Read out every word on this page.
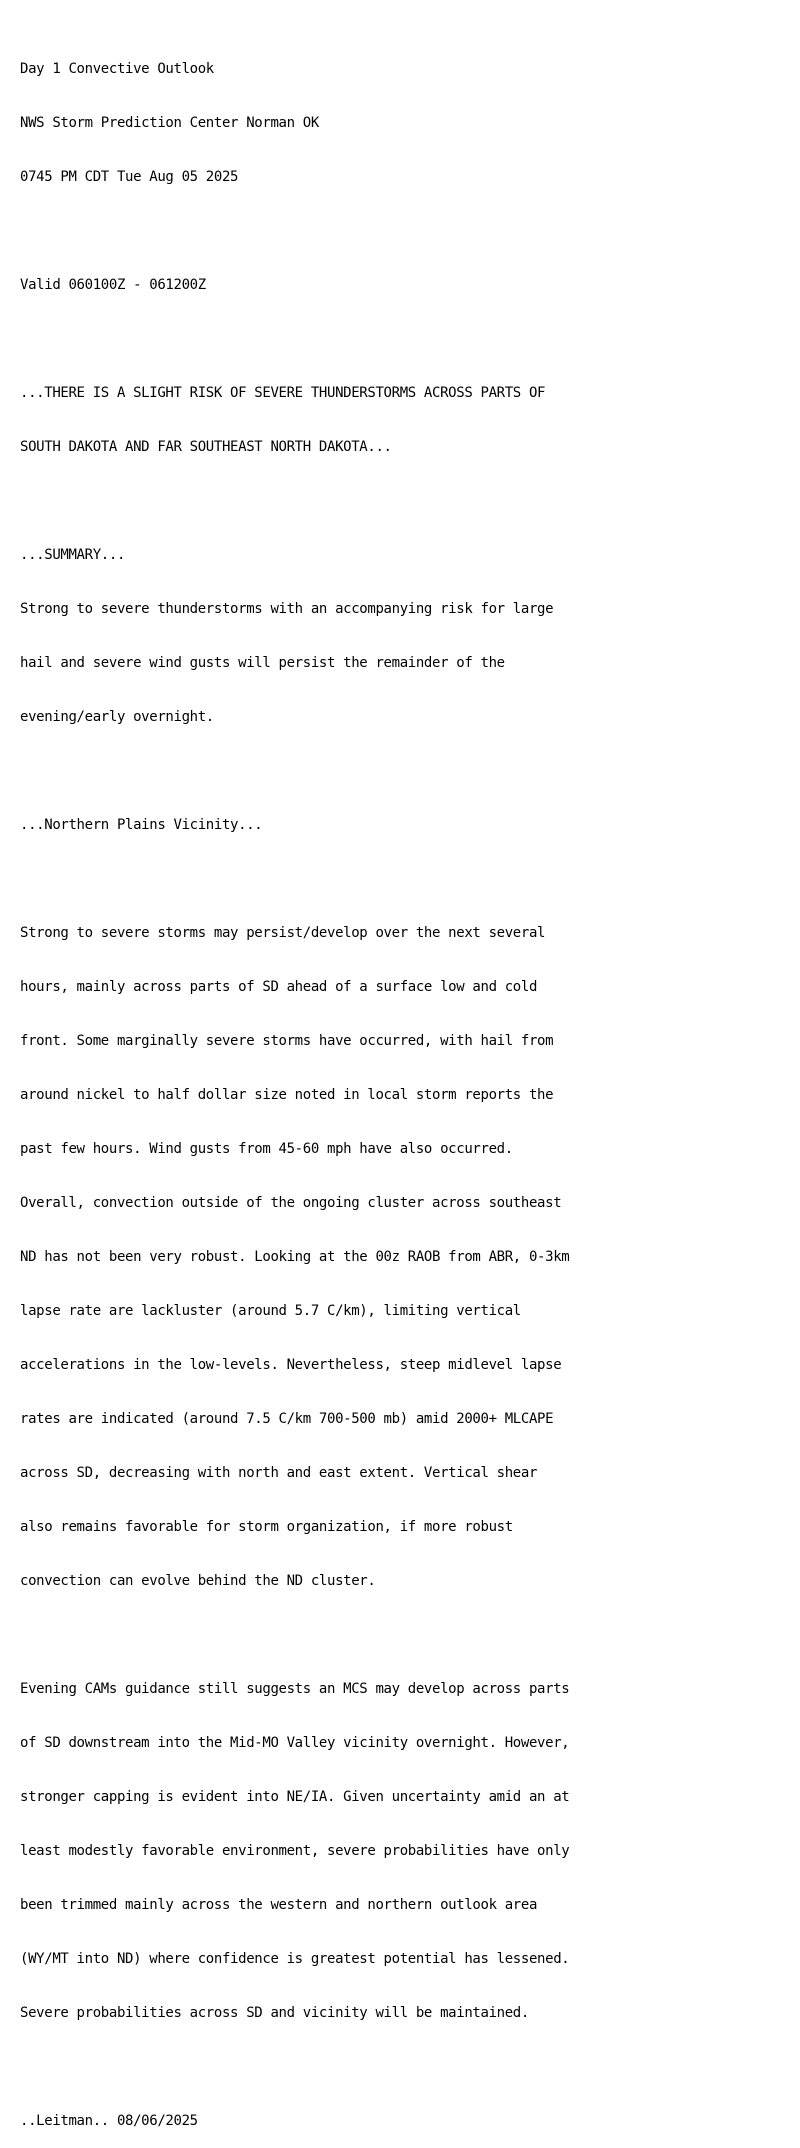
Day 1 Convective Outlook

NWS Storm Prediction Center Norman OK

0745 PM CDT Tue Aug 05 2025

Valid 060100Z - 061200Z

...THERE IS A SLIGHT RISK OF SEVERE THUNDERSTORMS ACROSS PARTS OF

SOUTH DAKOTA AND FAR SOUTHEAST NORTH DAKOTA...

...SUMMARY...

Strong to severe thunderstorms with an accompanying risk for large

hail and severe wind gusts will persist the remainder of the

evening/early overnight.

...Northern Plains Vicinity...

Strong to severe storms may persist/develop over the next several

hours, mainly across parts of SD ahead of a surface low and cold

front. Some marginally severe storms have occurred, with hail from

around nickel to half dollar size noted in local storm reports the

past few hours. Wind gusts from 45-60 mph have also occurred.

Overall, convection outside of the ongoing cluster across southeast

ND has not been very robust. Looking at the 00z RAOB from ABR, 0-3km

lapse rate are lackluster (around 5.7 C/km), limiting vertical

accelerations in the low-levels. Nevertheless, steep midlevel lapse

rates are indicated (around 7.5 C/km 700-500 mb) amid 2000+ MLCAPE

across SD, decreasing with north and east extent. Vertical shear

also remains favorable for storm organization, if more robust

convection can evolve behind the ND cluster.

Evening CAMs guidance still suggests an MCS may develop across parts

of SD downstream into the Mid-MO Valley vicinity overnight. However,

stronger capping is evident into NE/IA. Given uncertainty amid an at

least modestly favorable environment, severe probabilities have only

been trimmed mainly across the western and northern outlook area

(WY/MT into ND) where confidence is greatest potential has lessened.

Severe probabilities across SD and vicinity will be maintained.

..Leitman.. 08/06/2025
